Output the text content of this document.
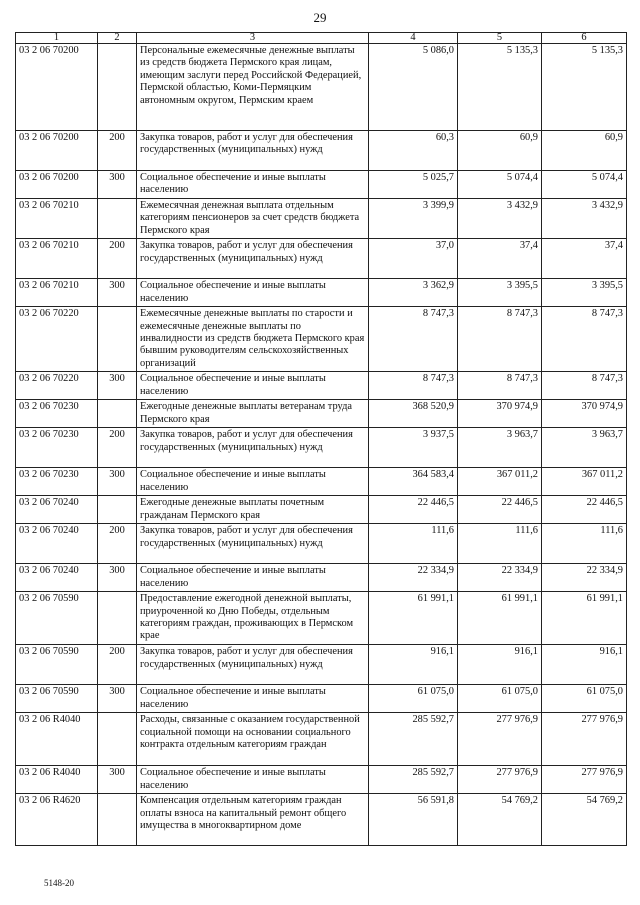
29
1	2	3	4	5	6
03 2 06 70200		Персональные ежемесячные денежные выплаты из средств бюджета Пермского края лицам, имеющим заслуги перед Российской Федерацией, Пермской областью, Коми-Пермяцким автономным округом, Пермским краем	5 086,0	5 135,3	5 135,3
03 2 06 70200	200	Закупка товаров, работ и услуг для обеспечения государственных (муниципальных) нужд	60,3	60,9	60,9
03 2 06 70200	300	Социальное обеспечение и иные выплаты населению	5 025,7	5 074,4	5 074,4
03 2 06 70210		Ежемесячная денежная выплата отдельным категориям пенсионеров за счет средств бюджета Пермского края	3 399,9	3 432,9	3 432,9
03 2 06 70210	200	Закупка товаров, работ и услуг для обеспечения государственных (муниципальных) нужд	37,0	37,4	37,4
03 2 06 70210	300	Социальное обеспечение и иные выплаты населению	3 362,9	3 395,5	3 395,5
03 2 06 70220		Ежемесячные денежные выплаты по старости и ежемесячные денежные выплаты по инвалидности из средств бюджета Пермского края бывшим руководителям сельскохозяйственных организаций	8 747,3	8 747,3	8 747,3
03 2 06 70220	300	Социальное обеспечение и иные выплаты населению	8 747,3	8 747,3	8 747,3
03 2 06 70230		Ежегодные денежные выплаты ветеранам труда Пермского края	368 520,9	370 974,9	370 974,9
03 2 06 70230	200	Закупка товаров, работ и услуг для обеспечения государственных (муниципальных) нужд	3 937,5	3 963,7	3 963,7
03 2 06 70230	300	Социальное обеспечение и иные выплаты населению	364 583,4	367 011,2	367 011,2
03 2 06 70240		Ежегодные денежные выплаты почетным гражданам Пермского края	22 446,5	22 446,5	22 446,5
03 2 06 70240	200	Закупка товаров, работ и услуг для обеспечения государственных (муниципальных) нужд	111,6	111,6	111,6
03 2 06 70240	300	Социальное обеспечение и иные выплаты населению	22 334,9	22 334,9	22 334,9
03 2 06 70590		Предоставление ежегодной денежной выплаты, приуроченной ко Дню Победы, отдельным категориям граждан, проживающих в Пермском крае	61 991,1	61 991,1	61 991,1
03 2 06 70590	200	Закупка товаров, работ и услуг для обеспечения государственных (муниципальных) нужд	916,1	916,1	916,1
03 2 06 70590	300	Социальное обеспечение и иные выплаты населению	61 075,0	61 075,0	61 075,0
03 2 06 R4040		Расходы, связанные с оказанием государственной социальной помощи на основании социального контракта отдельным категориям граждан	285 592,7	277 976,9	277 976,9
03 2 06 R4040	300	Социальное обеспечение и иные выплаты населению	285 592,7	277 976,9	277 976,9
03 2 06 R4620		Компенсация отдельным категориям граждан оплаты взноса на капитальный ремонт общего имущества в многоквартирном доме	56 591,8	54 769,2	54 769,2
5148-20
